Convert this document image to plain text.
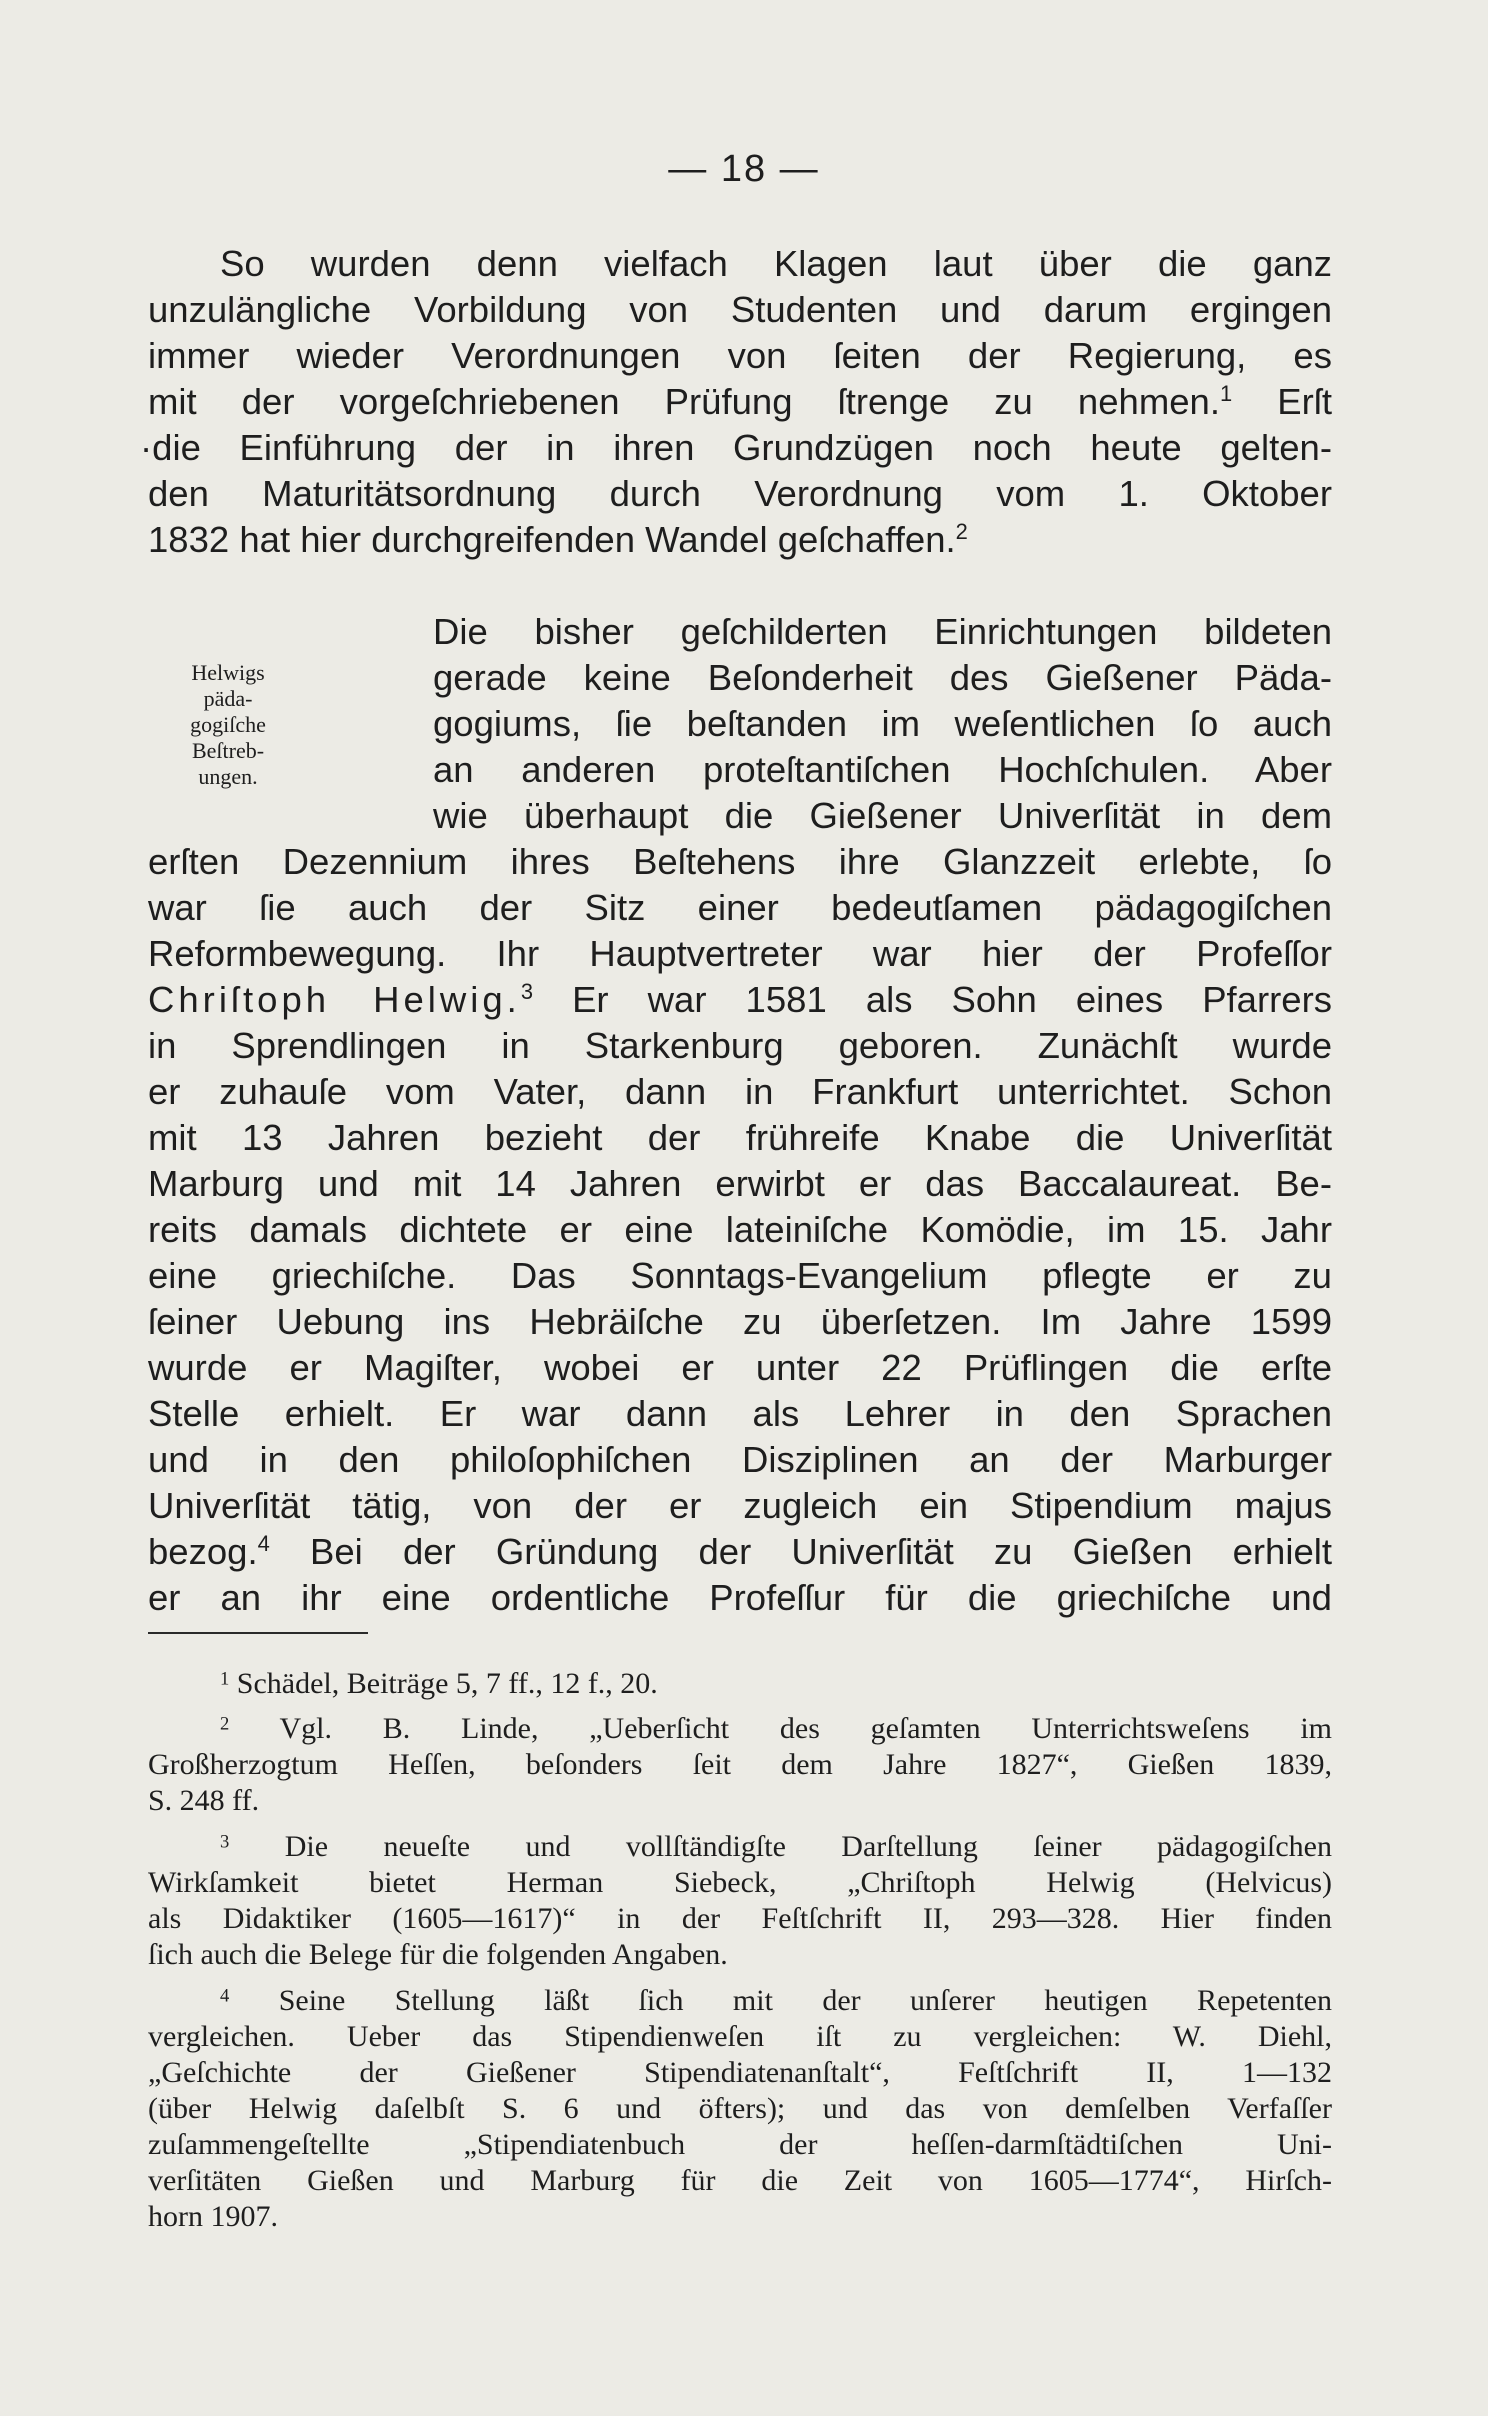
— 18 —
Helwigs
päda-
gogiſche
Beſtreb-
ungen.
So wurden denn vielfach Klagen laut über die ganz
unzulängliche Vorbildung von Studenten und darum ergingen
immer wieder Verordnungen von ſeiten der Regierung, es
mit der vorgeſchriebenen Prüfung ſtrenge zu nehmen.$^1$ Erſt
·die Einführung der in ihren Grundzügen noch heute gelten-
den Maturitätsordnung durch Verordnung vom 1. Oktober
1832 hat hier durchgreifenden Wandel geſchaffen.$^2$
Die bisher geſchilderten Einrichtungen bildeten
gerade keine Beſonderheit des Gießener Päda-
gogiums, ſie beſtanden im weſentlichen ſo auch
an anderen proteſtantiſchen Hochſchulen. Aber
wie überhaupt die Gießener Univerſität in dem
erſten Dezennium ihres Beſtehens ihre Glanzzeit erlebte, ſo
war ſie auch der Sitz einer bedeutſamen pädagogiſchen
Reformbewegung. Ihr Hauptvertreter war hier der Profeſſor
Chriſtoph Helwig.$^3$ Er war 1581 als Sohn eines Pfarrers
in Sprendlingen in Starkenburg geboren. Zunächſt wurde
er zuhauſe vom Vater, dann in Frankfurt unterrichtet. Schon
mit 13 Jahren bezieht der frühreife Knabe die Univerſität
Marburg und mit 14 Jahren erwirbt er das Baccalaureat. Be-
reits damals dichtete er eine lateiniſche Komödie, im 15. Jahr
eine griechiſche. Das Sonntags-Evangelium pflegte er zu
ſeiner Uebung ins Hebräiſche zu überſetzen. Im Jahre 1599
wurde er Magiſter, wobei er unter 22 Prüflingen die erſte
Stelle erhielt. Er war dann als Lehrer in den Sprachen
und in den philoſophiſchen Disziplinen an der Marburger
Univerſität tätig, von der er zugleich ein Stipendium majus
bezog.$^4$ Bei der Gründung der Univerſität zu Gießen erhielt
er an ihr eine ordentliche Profeſſur für die griechiſche und
$^1$ Schädel, Beiträge 5, 7 ff., 12 f., 20.
$^2$ Vgl. B. Linde, „Ueberſicht des geſamten Unterrichtsweſens im
Großherzogtum Heſſen, beſonders ſeit dem Jahre 1827“, Gießen 1839,
S. 248 ff.
$^3$ Die neueſte und vollſtändigſte Darſtellung ſeiner pädagogiſchen
Wirkſamkeit bietet Herman Siebeck, „Chriſtoph Helwig (Helvicus)
als Didaktiker (1605—1617)“ in der Feſtſchrift II, 293—328. Hier finden
ſich auch die Belege für die folgenden Angaben.
$^4$ Seine Stellung läßt ſich mit der unſerer heutigen Repetenten
vergleichen. Ueber das Stipendienweſen iſt zu vergleichen: W. Diehl,
„Geſchichte der Gießener Stipendiatenanſtalt“, Feſtſchrift II, 1—132
(über Helwig daſelbſt S. 6 und öfters); und das von demſelben Verfaſſer
zuſammengeſtellte „Stipendiatenbuch der heſſen-darmſtädtiſchen Uni-
verſitäten Gießen und Marburg für die Zeit von 1605—1774“, Hirſch-
horn 1907.
